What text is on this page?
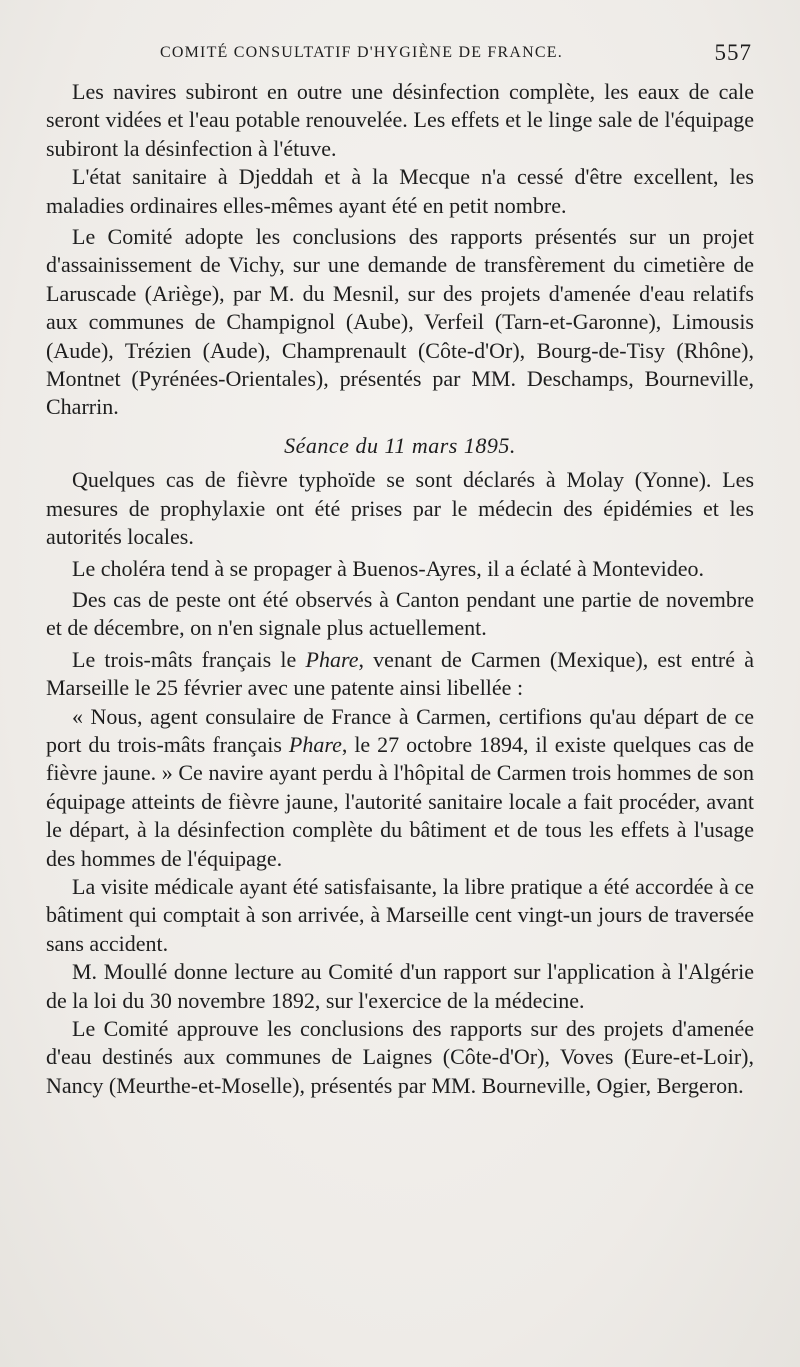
COMITÉ CONSULTATIF D'HYGIÈNE DE FRANCE.	557

Les navires subiront en outre une désinfection complète, les eaux de cale seront vidées et l'eau potable renouvelée. Les effets et le linge sale de l'équipage subiront la désinfection à l'étuve.

L'état sanitaire à Djeddah et à la Mecque n'a cessé d'être excellent, les maladies ordinaires elles-mêmes ayant été en petit nombre.

Le Comité adopte les conclusions des rapports présentés sur un projet d'assainissement de Vichy, sur une demande de transfèrement du cimetière de Laruscade (Ariège), par M. du Mesnil, sur des projets d'amenée d'eau relatifs aux communes de Champignol (Aube), Verfeil (Tarn-et-Garonne), Limousis (Aude), Trézien (Aude), Champrenault (Côte-d'Or), Bourg-de-Tisy (Rhône), Montnet (Pyrénées-Orientales), présentés par MM. Deschamps, Bourneville, Charrin.

Séance du 11 mars 1895.

Quelques cas de fièvre typhoïde se sont déclarés à Molay (Yonne). Les mesures de prophylaxie ont été prises par le médecin des épidémies et les autorités locales.

Le choléra tend à se propager à Buenos-Ayres, il a éclaté à Montevideo.

Des cas de peste ont été observés à Canton pendant une partie de novembre et de décembre, on n'en signale plus actuellement.

Le trois-mâts français le Phare, venant de Carmen (Mexique), est entré à Marseille le 25 février avec une patente ainsi libellée :

« Nous, agent consulaire de France à Carmen, certifions qu'au départ de ce port du trois-mâts français Phare, le 27 octobre 1894, il existe quelques cas de fièvre jaune. » Ce navire ayant perdu à l'hôpital de Carmen trois hommes de son équipage atteints de fièvre jaune, l'autorité sanitaire locale a fait procéder, avant le départ, à la désinfection complète du bâtiment et de tous les effets à l'usage des hommes de l'équipage.

La visite médicale ayant été satisfaisante, la libre pratique a été accordée à ce bâtiment qui comptait à son arrivée, à Marseille cent vingt-un jours de traversée sans accident.

M. Moullé donne lecture au Comité d'un rapport sur l'application à l'Algérie de la loi du 30 novembre 1892, sur l'exercice de la médecine.

Le Comité approuve les conclusions des rapports sur des projets d'amenée d'eau destinés aux communes de Laignes (Côte-d'Or), Voves (Eure-et-Loir), Nancy (Meurthe-et-Moselle), présentés par MM. Bourneville, Ogier, Bergeron.
